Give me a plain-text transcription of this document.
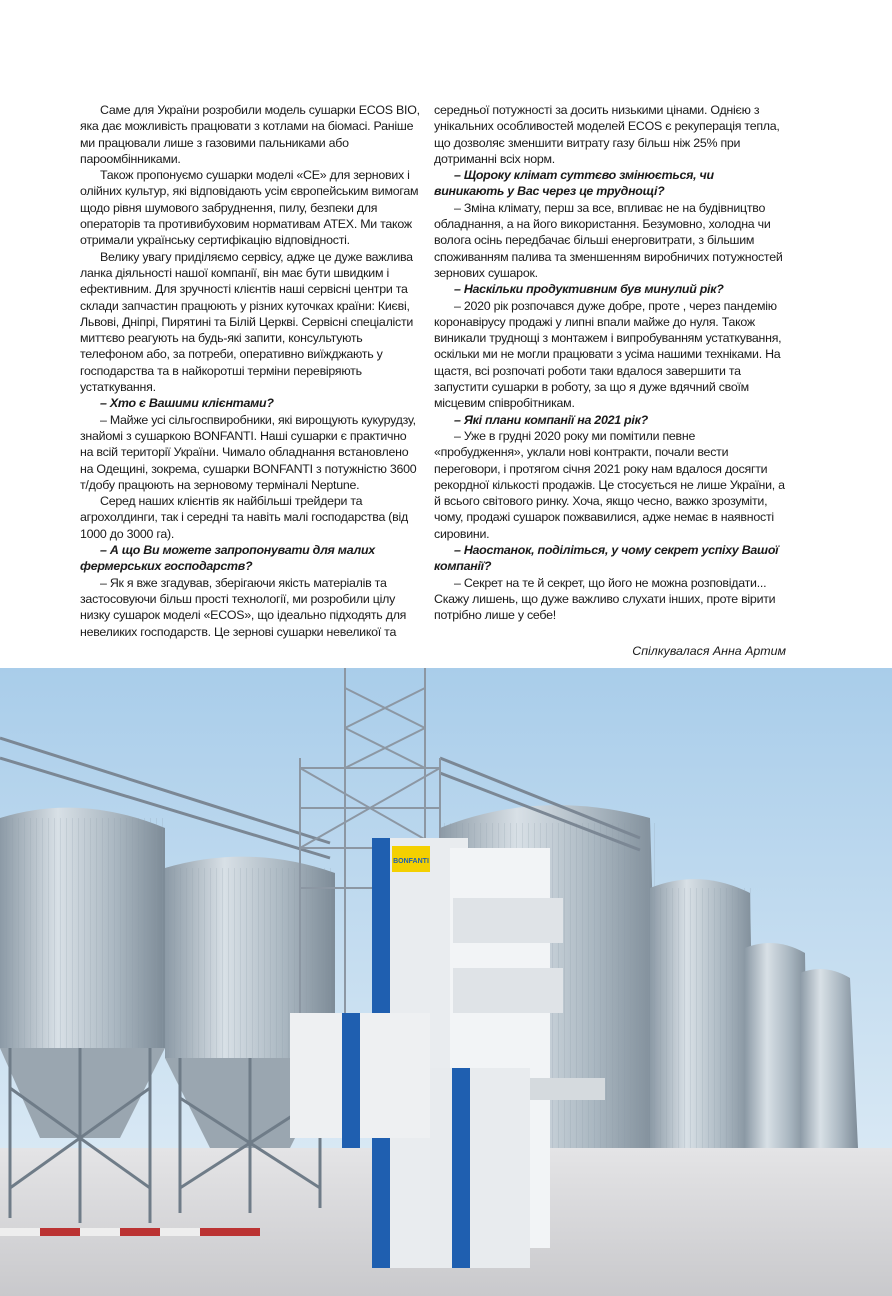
Саме для України розробили модель сушарки ECOS BIO, яка дає можливість працювати з котлами на біомасі. Раніше ми працювали лише з газовими пальниками або пароомбінниками.

Також пропонуємо сушарки моделі «СЕ» для зернових і олійних культур, які відповідають усім європейським вимогам щодо рівня шумового забруднення, пилу, безпеки для операторів та противибуховим нормативам ATEX. Ми також отримали українську сертифікацію відповідності.

Велику увагу приділяємо сервісу, адже це дуже важлива ланка діяльності нашої компанії, він має бути швидким і ефективним. Для зручності клієнтів наші сервісні центри та склади запчастин працюють у різних куточках країни: Києві, Львові, Дніпрі, Пирятині та Білій Церкві. Сервісні спеціалісти миттєво реагують на будь-які запити, консультують телефоном або, за потреби, оперативно виїжджають у господарства та в найкоротші терміни перевіряють устаткування.

– Хто є Вашими клієнтами?

– Майже усі сільгоспвиробники, які вирощують кукурудзу, знайомі з сушаркою BONFANTI. Наші сушарки є практично на всій території України. Чимало обладнання встановлено на Одещині, зокрема, сушарки BONFANTI з потужністю 3600 т/добу працюють на зерновому терміналі Neptune.

Серед наших клієнтів як найбільші трейдери та агрохолдинги, так і середні та навіть малі господарства (від 1000 до 3000 га).

– А що Ви можете запропонувати для малих фермерських господарств?

– Як я вже згадував, зберігаючи якість матеріалів та застосовуючи більш прості технології, ми розробили цілу низку сушарок моделі «ECOS», що ідеально підходять для невеликих господарств. Це зернові сушарки невеликої та

середньої потужності за досить низькими цінами. Однією з унікальних особливостей моделей ECOS є рекуперація тепла, що дозволяє зменшити витрату газу більш ніж 25% при дотриманні всіх норм.

– Щороку клімат суттєво змінюється, чи виникають у Вас через це труднощі?

– Зміна клімату, перш за все, впливає не на будівництво обладнання, а на його використання. Безумовно, холодна чи волога осінь передбачає більші енерговитрати, з більшим споживанням палива та зменшенням виробничих потужностей зернових сушарок.

– Наскільки продуктивним був минулий рік?

– 2020 рік розпочався дуже добре, проте , через пандемію коронавірусу продажі у липні впали майже до нуля. Також виникали труднощі з монтажем і випробуванням устаткування, оскільки ми не могли працювати з усіма нашими техніками. На щастя, всі розпочаті роботи таки вдалося завершити та запустити сушарки в роботу, за що я дуже вдячний своїм місцевим співробітникам.

– Які плани компанії на 2021 рік?

– Уже в грудні 2020 року ми помітили певне «пробудження», уклали нові контракти, почали вести переговори, і протягом січня 2021 року нам вдалося досягти рекордної кількості продажів. Це стосується не лише України, а й всього світового ринку. Хоча, якщо чесно, важко зрозуміти, чому, продажі сушарок пожвавилися, адже немає в наявності сировини.

– Наостанок, поділіться, у чому секрет успіху Вашої компанії?

– Секрет на те й секрет, що його не можна розповідати... Скажу лишень, що дуже важливо слухати інших, проте вірити потрібно лише у себе!

Спілкувалася Анна Артим
BONFANTI
